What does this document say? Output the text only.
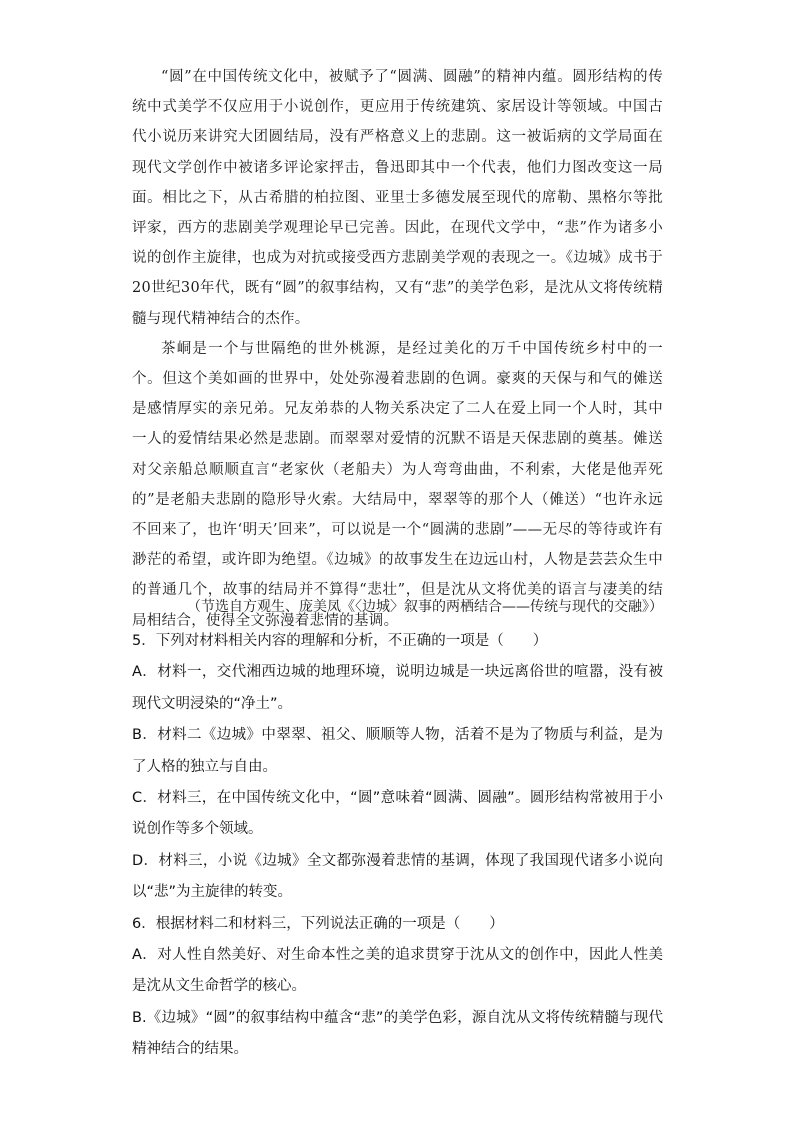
“圆”在中国传统文化中，被赋予了“圆满、圆融”的精神内蕴。圆形结构的传统中式美学不仅应用于小说创作，更应用于传统建筑、家居设计等领域。中国古代小说历来讲究大团圆结局，没有严格意义上的悲剧。这一被诟病的文学局面在现代文学创作中被诸多评论家抨击，鲁迅即其中一个代表，他们力图改变这一局面。相比之下，从古希腊的柏拉图、亚里士多德发展至现代的席勒、黑格尔等批评家，西方的悲剧美学观理论早已完善。因此，在现代文学中，“悲”作为诸多小说的创作主旋律，也成为对抗或接受西方悲剧美学观的表现之一。《边城》成书于20世纪30年代，既有“圆”的叙事结构，又有“悲”的美学色彩，是沈从文将传统精髓与现代精神结合的杰作。

茶峒是一个与世隔绝的世外桃源，是经过美化的万千中国传统乡村中的一个。但这个美如画的世界中，处处弥漫着悲剧的色调。豪爽的天保与和气的傩送是感情厚实的亲兄弟。兄友弟恭的人物关系决定了二人在爱上同一个人时，其中一人的爱情结果必然是悲剧。而翠翠对爱情的沉默不语是天保悲剧的奠基。傩送对父亲船总顺顺直言“老家伙（老船夫）为人弯弯曲曲，不利索，大佬是他弄死的”是老船夫悲剧的隐形导火索。大结局中，翠翠等的那个人（傩送）“也许永远不回来了，也许‘明天’回来”，可以说是一个“圆满的悲剧”——无尽的等待或许有渺茫的希望，或许即为绝望。《边城》的故事发生在边远山村，人物是芸芸众生中的普通几个，故事的结局并不算得“悲壮”，但是沈从文将优美的语言与凄美的结局相结合，使得全文弥漫着悲情的基调。

（节选自方观生、庞美凤《〈边城〉叙事的两栖结合——传统与现代的交融》）

5．下列对材料相关内容的理解和分析，不正确的一项是（　　）

A．材料一，交代湘西边城的地理环境，说明边城是一块远离俗世的喧嚣，没有被现代文明浸染的“净土”。

B．材料二《边城》中翠翠、祖父、顺顺等人物，活着不是为了物质与利益，是为了人格的独立与自由。

C．材料三，在中国传统文化中，“圆”意味着“圆满、圆融”。圆形结构常被用于小说创作等多个领域。

D．材料三，小说《边城》全文都弥漫着悲情的基调，体现了我国现代诸多小说向以“悲”为主旋律的转变。

6．根据材料二和材料三，下列说法正确的一项是（　　）

A．对人性自然美好、对生命本性之美的追求贯穿于沈从文的创作中，因此人性美是沈从文生命哲学的核心。

B.《边城》“圆”的叙事结构中蕴含“悲”的美学色彩，源自沈从文将传统精髓与现代精神结合的结果。
